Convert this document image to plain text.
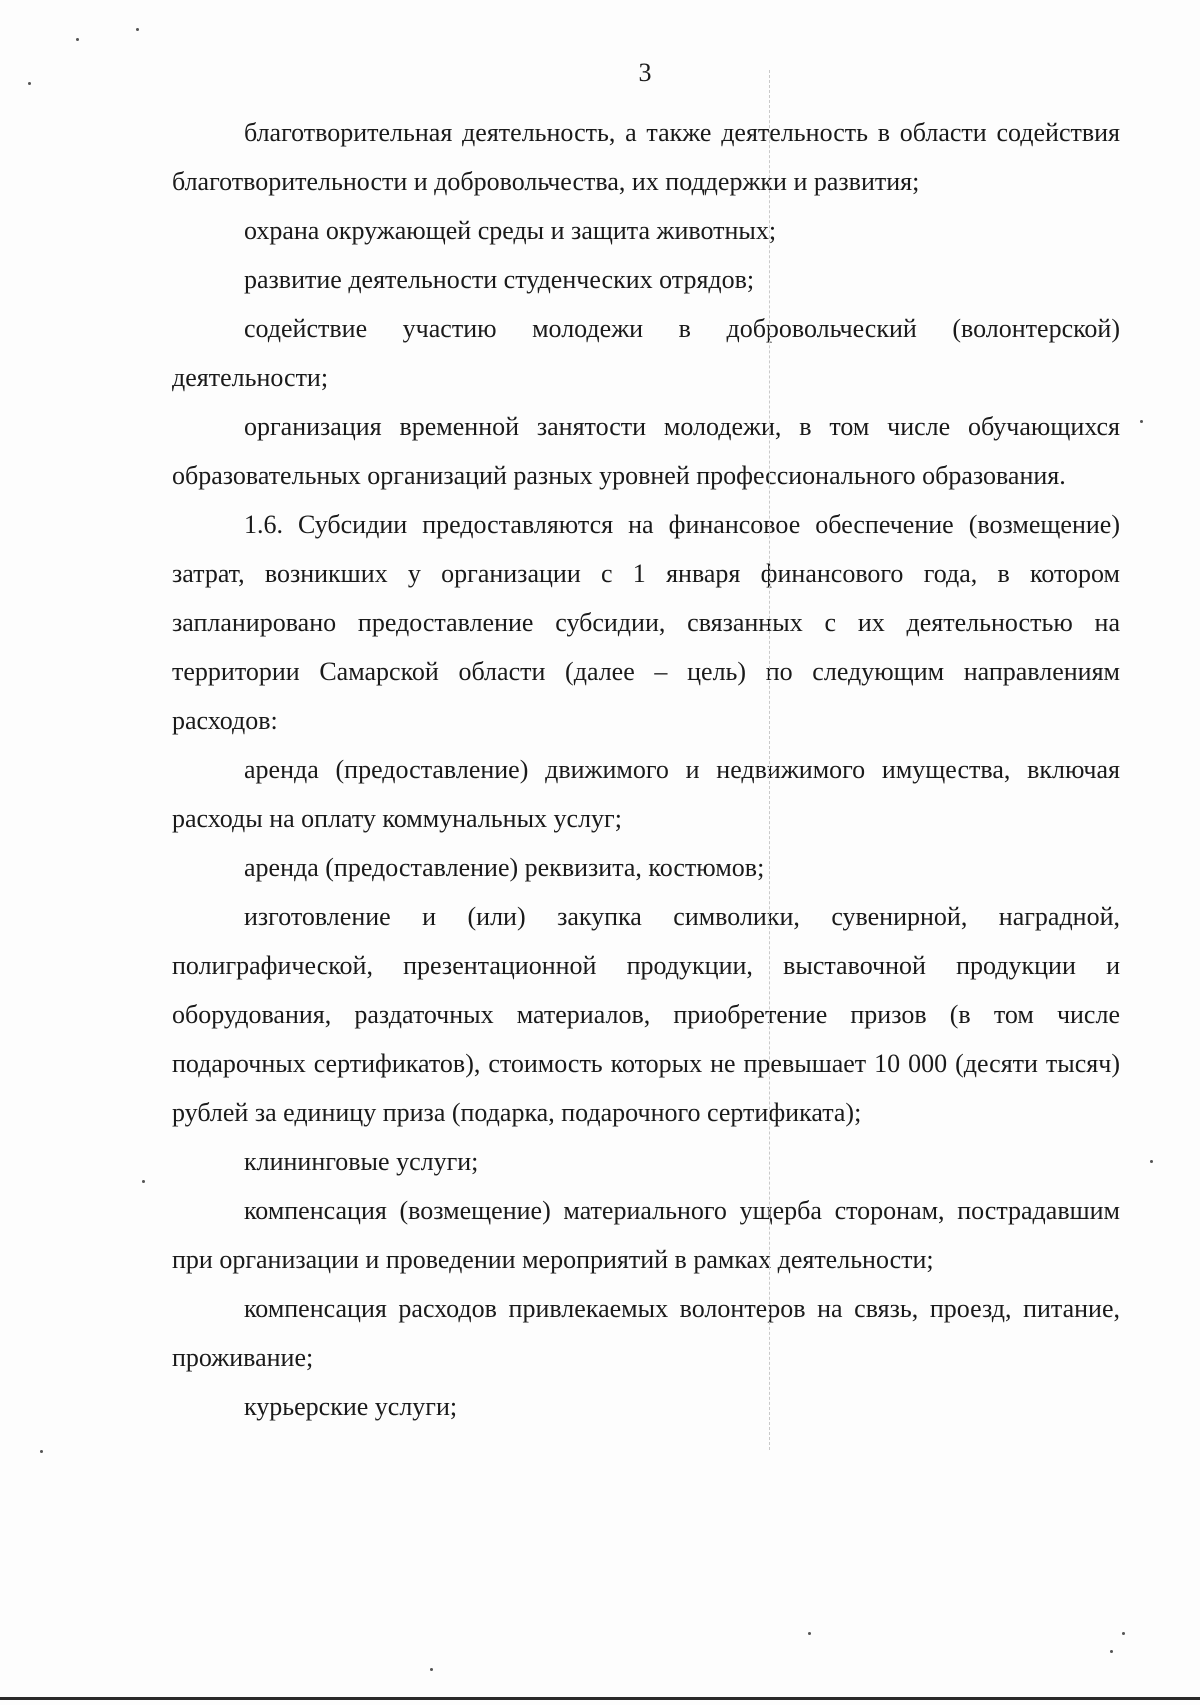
3

благотворительная деятельность, а также деятельность в области содействия благотворительности и добровольчества, их поддержки и развития;

охрана окружающей среды и защита животных;

развитие деятельности студенческих отрядов;

содействие участию молодежи в добровольческий (волонтерской) деятельности;

организация временной занятости молодежи, в том числе обучающихся образовательных организаций разных уровней профессионального образования.

1.6. Субсидии предоставляются на финансовое обеспечение (возмещение) затрат, возникших у организации с 1 января финансового года, в котором запланировано предоставление субсидии, связанных с их деятельностью на территории Самарской области (далее – цель) по следующим направлениям расходов:

аренда (предоставление) движимого и недвижимого имущества, включая расходы на оплату коммунальных услуг;

аренда (предоставление) реквизита, костюмов;

изготовление и (или) закупка символики, сувенирной, наградной, полиграфической, презентационной продукции, выставочной продукции и оборудования, раздаточных материалов, приобретение призов (в том числе подарочных сертификатов), стоимость которых не превышает 10 000 (десяти тысяч) рублей за единицу приза (подарка, подарочного сертификата);

клининговые услуги;

компенсация (возмещение) материального ущерба сторонам, пострадавшим при организации и проведении мероприятий в рамках деятельности;

компенсация расходов привлекаемых волонтеров на связь, проезд, питание, проживание;

курьерские услуги;
